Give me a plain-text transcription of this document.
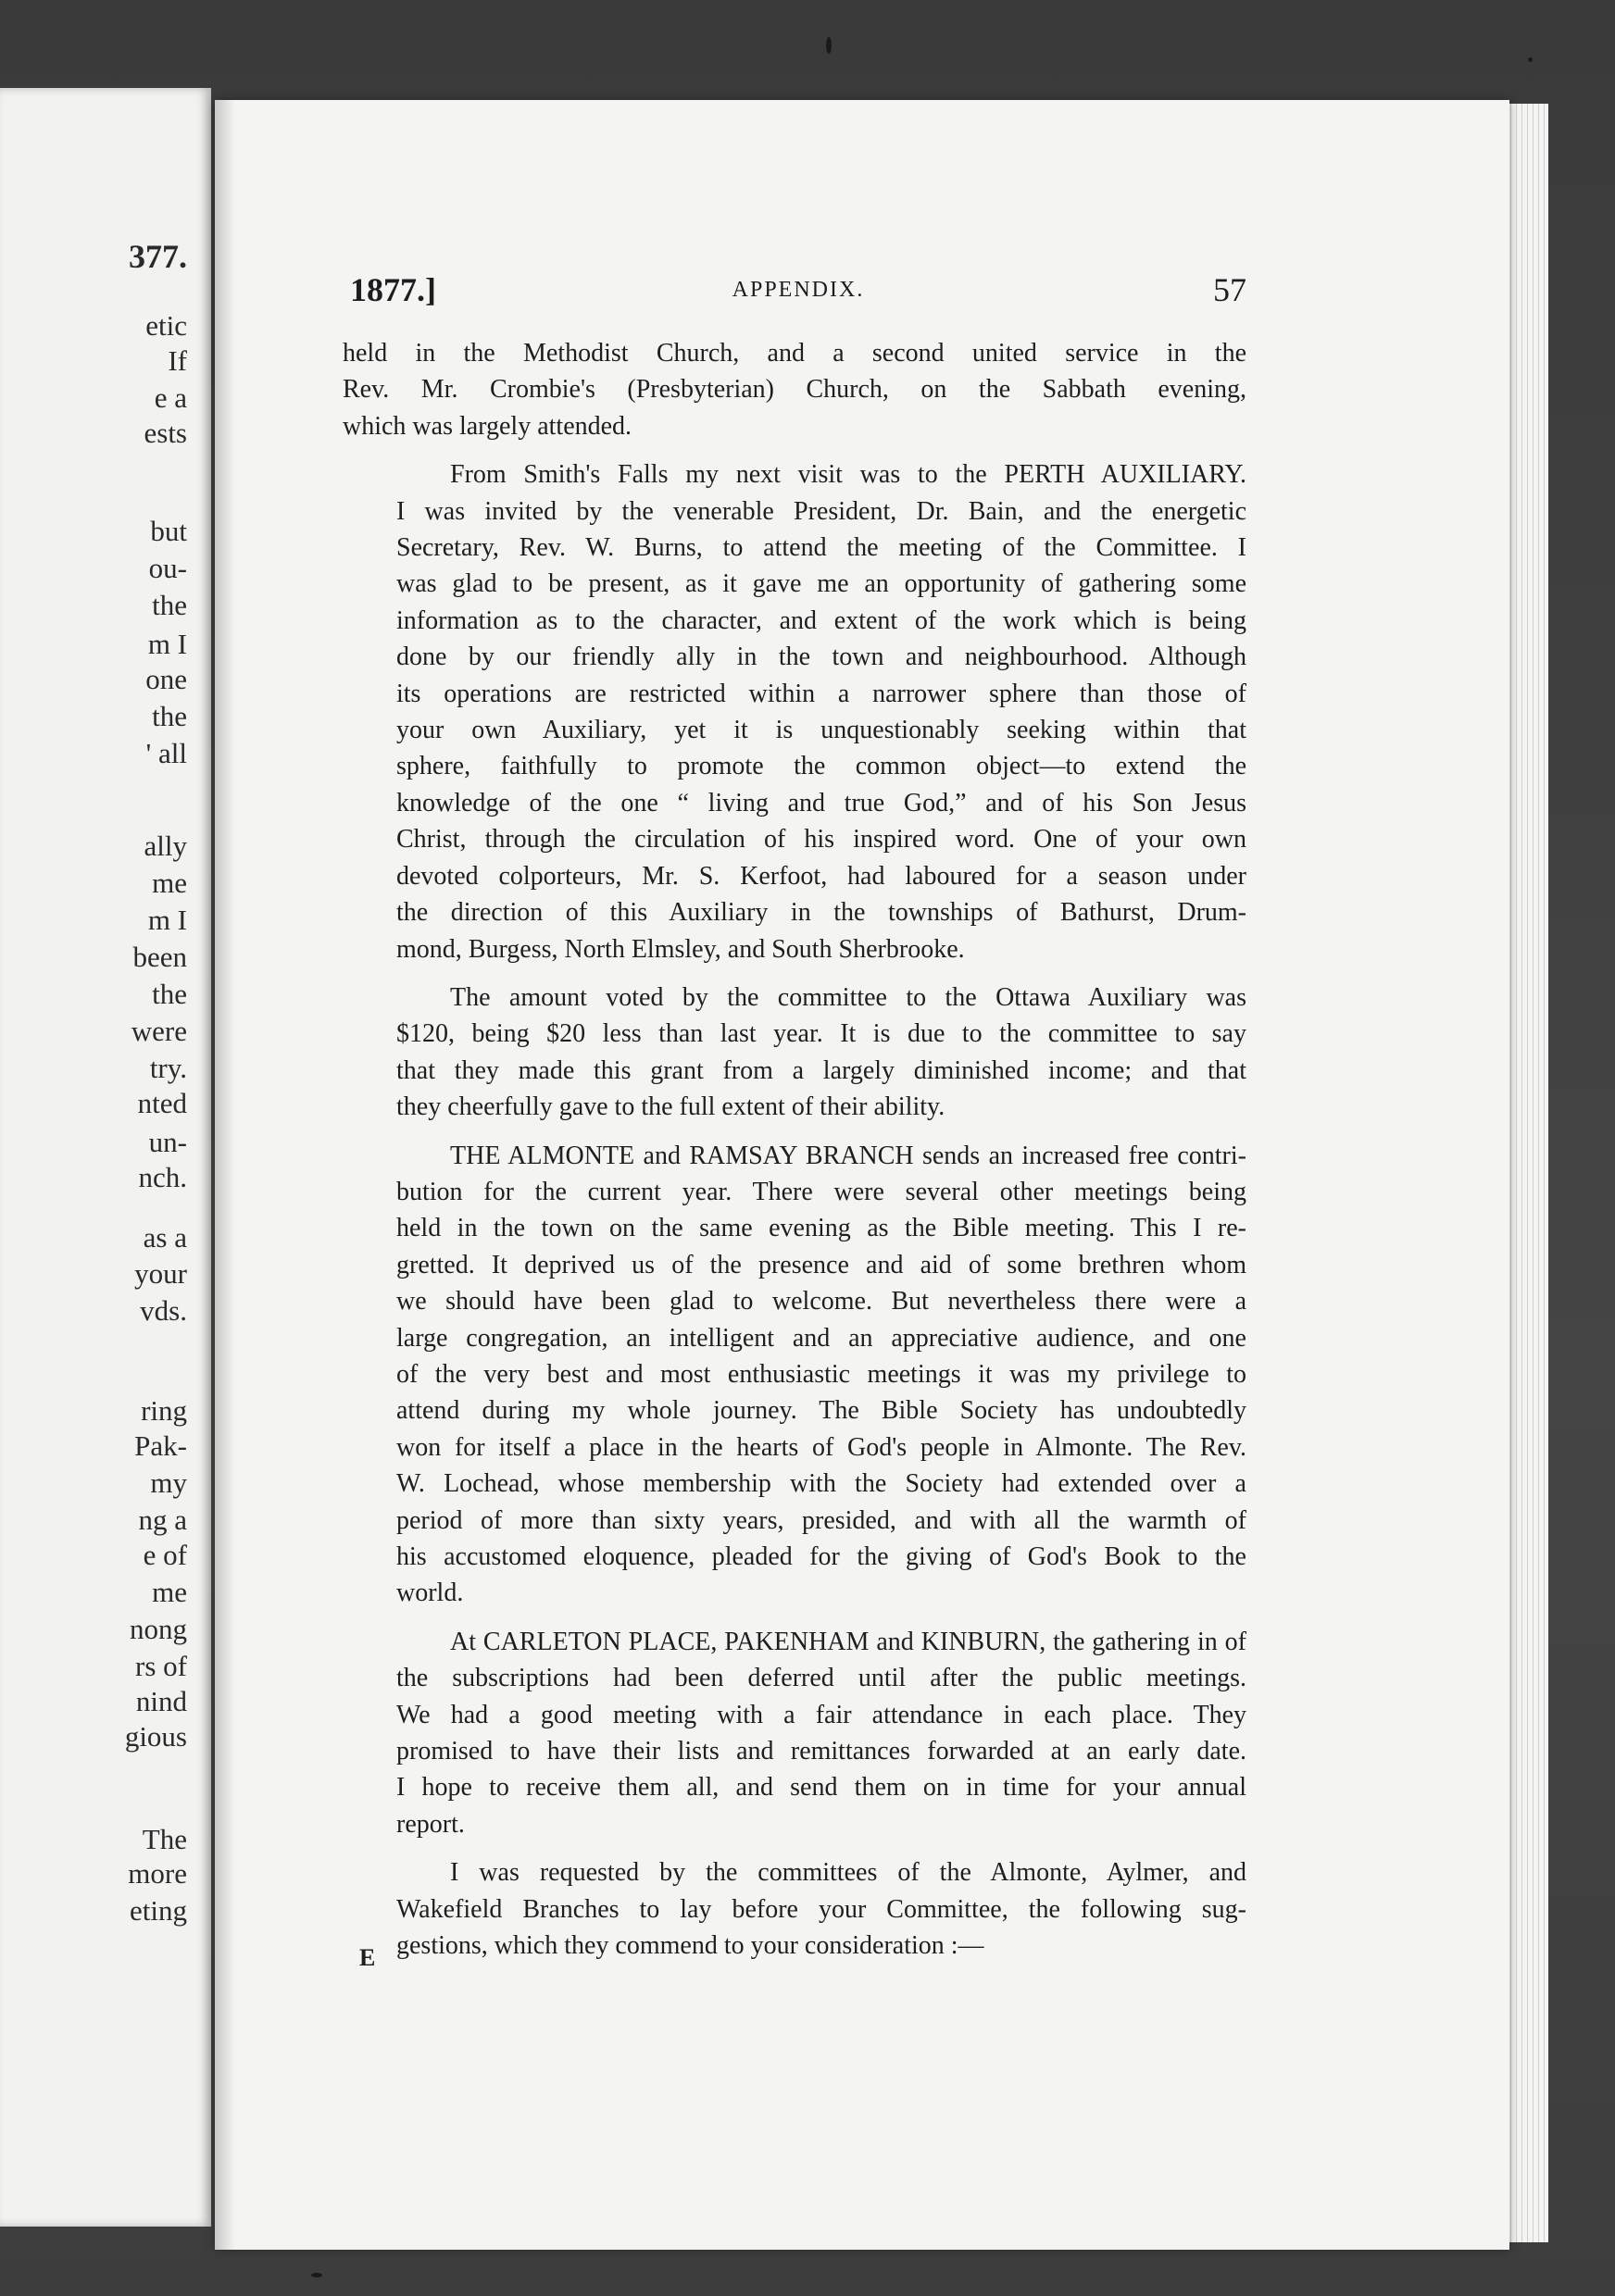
377.
etic
If
e a
ests
but
ou-
the
m I
one
the
' all
ally
me
m I
been
the
were
try.
nted
un-
nch.
as a
your
vds.
ring
Pak-
my
ng a
e of
me
nong
rs of
nind
gious
The
more
eting
1877.]	APPENDIX.	57
held in the Methodist Church, and a second united service in the
Rev. Mr. Crombie's (Presbyterian) Church, on the Sabbath evening,
which was largely attended.
From Smith's Falls my next visit was to the PERTH AUXILIARY.
I was invited by the venerable President, Dr. Bain, and the energetic
Secretary, Rev. W. Burns, to attend the meeting of the Committee. I
was glad to be present, as it gave me an opportunity of gathering some
information as to the character, and extent of the work which is being
done by our friendly ally in the town and neighbourhood. Although
its operations are restricted within a narrower sphere than those of
your own Auxiliary, yet it is unquestionably seeking within that
sphere, faithfully to promote the common object—to extend the
knowledge of the one “ living and true God,” and of his Son Jesus
Christ, through the circulation of his inspired word. One of your own
devoted colporteurs, Mr. S. Kerfoot, had laboured for a season under
the direction of this Auxiliary in the townships of Bathurst, Drum-
mond, Burgess, North Elmsley, and South Sherbrooke.
The amount voted by the committee to the Ottawa Auxiliary was
$120, being $20 less than last year. It is due to the committee to say
that they made this grant from a largely diminished income; and that
they cheerfully gave to the full extent of their ability.
THE ALMONTE and RAMSAY BRANCH sends an increased free contri-
bution for the current year. There were several other meetings being
held in the town on the same evening as the Bible meeting. This I re-
gretted. It deprived us of the presence and aid of some brethren whom
we should have been glad to welcome. But nevertheless there were a
large congregation, an intelligent and an appreciative audience, and one
of the very best and most enthusiastic meetings it was my privilege to
attend during my whole journey. The Bible Society has undoubtedly
won for itself a place in the hearts of God's people in Almonte. The Rev.
W. Lochead, whose membership with the Society had extended over a
period of more than sixty years, presided, and with all the warmth of
his accustomed eloquence, pleaded for the giving of God's Book to the
world.
At CARLETON PLACE, PAKENHAM and KINBURN, the gathering in of
the subscriptions had been deferred until after the public meetings.
We had a good meeting with a fair attendance in each place. They
promised to have their lists and remittances forwarded at an early date.
I hope to receive them all, and send them on in time for your annual
report.
I was requested by the committees of the Almonte, Aylmer, and
Wakefield Branches to lay before your Committee, the following sug-
gestions, which they commend to your consideration :—
E
